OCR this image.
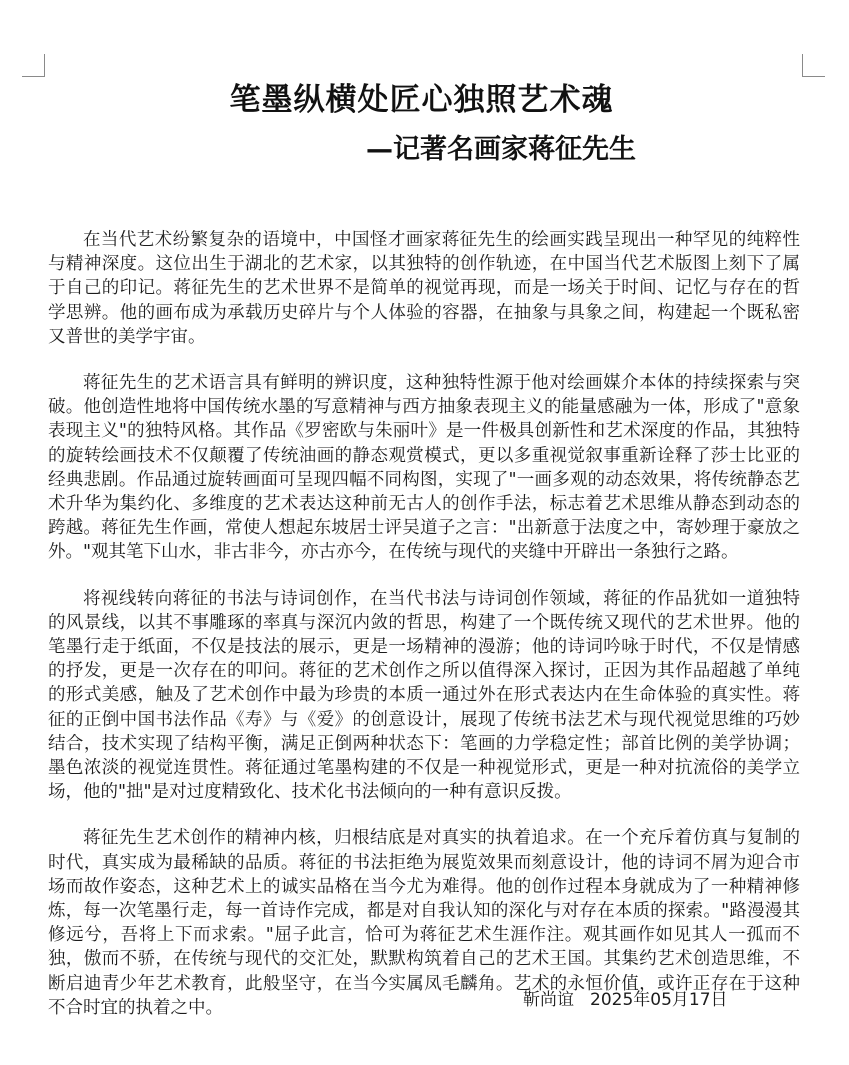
笔墨纵横处匠心独照艺术魂
—记著名画家蒋征先生

在当代艺术纷繁复杂的语境中，中国怪才画家蒋征先生的绘画实践呈现出一种罕见的纯粹性与精神深度。这位出生于湖北的艺术家，以其独特的创作轨迹，在中国当代艺术版图上刻下了属于自己的印记。蒋征先生的艺术世界不是简单的视觉再现，而是一场关于时间、记忆与存在的哲学思辨。他的画布成为承载历史碎片与个人体验的容器，在抽象与具象之间，构建起一个既私密又普世的美学宇宙。

蒋征先生的艺术语言具有鲜明的辨识度，这种独特性源于他对绘画媒介本体的持续探索与突破。他创造性地将中国传统水墨的写意精神与西方抽象表现主义的能量感融为一体，形成了"意象表现主义"的独特风格。其作品《罗密欧与朱丽叶》是一件极具创新性和艺术深度的作品，其独特的旋转绘画技术不仅颠覆了传统油画的静态观赏模式，更以多重视觉叙事重新诠释了莎士比亚的经典悲剧。作品通过旋转画面可呈现四幅不同构图，实现了"一画多观的动态效果，将传统静态艺术升华为集约化、多维度的艺术表达这种前无古人的创作手法，标志着艺术思维从静态到动态的跨越。蒋征先生作画，常使人想起东坡居士评吴道子之言："出新意于法度之中，寄妙理于豪放之外。"观其笔下山水，非古非今，亦古亦今，在传统与现代的夹缝中开辟出一条独行之路。

将视线转向蒋征的书法与诗词创作，在当代书法与诗词创作领域，蒋征的作品犹如一道独特的风景线，以其不事雕琢的率真与深沉内敛的哲思，构建了一个既传统又现代的艺术世界。他的笔墨行走于纸面，不仅是技法的展示，更是一场精神的漫游；他的诗词吟咏于时代，不仅是情感的抒发，更是一次存在的叩问。蒋征的艺术创作之所以值得深入探讨，正因为其作品超越了单纯的形式美感，触及了艺术创作中最为珍贵的本质一通过外在形式表达内在生命体验的真实性。蒋征的正倒中国书法作品《寿》与《爱》的创意设计，展现了传统书法艺术与现代视觉思维的巧妙结合，技术实现了结构平衡，满足正倒两种状态下：笔画的力学稳定性；部首比例的美学协调；墨色浓淡的视觉连贯性。蒋征通过笔墨构建的不仅是一种视觉形式，更是一种对抗流俗的美学立场，他的"拙"是对过度精致化、技术化书法倾向的一种有意识反拨。

蒋征先生艺术创作的精神内核，归根结底是对真实的执着追求。在一个充斥着仿真与复制的时代，真实成为最稀缺的品质。蒋征的书法拒绝为展览效果而刻意设计，他的诗词不屑为迎合市场而故作姿态，这种艺术上的诚实品格在当今尤为难得。他的创作过程本身就成为了一种精神修炼，每一次笔墨行走，每一首诗作完成，都是对自我认知的深化与对存在本质的探索。"路漫漫其修远兮，吾将上下而求索。"屈子此言，恰可为蒋征艺术生涯作注。观其画作如见其人一孤而不独，傲而不骄，在传统与现代的交汇处，默默构筑着自己的艺术王国。其集约艺术创造思维，不断启迪青少年艺术教育，此般坚守，在当今实属凤毛麟角。艺术的永恒价值，或许正存在于这种不合时宜的执着之中。	靳尚谊 2025年05月17日
